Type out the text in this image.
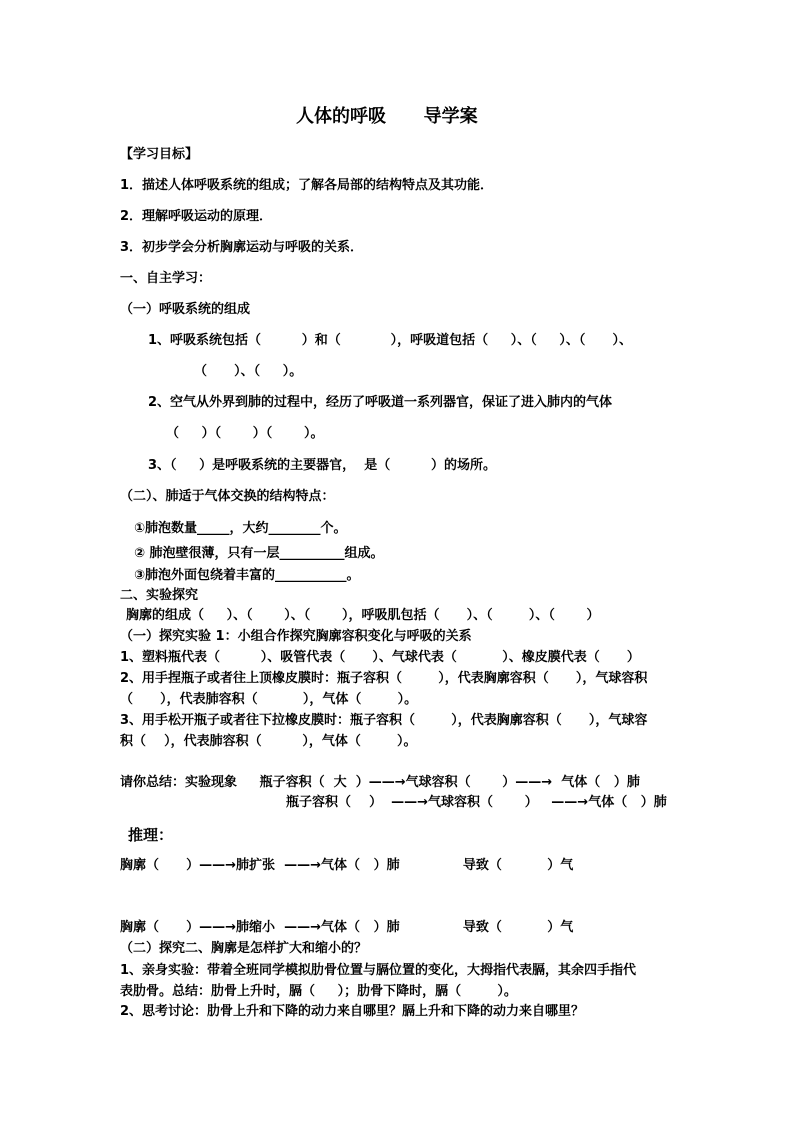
人体的呼吸      导学案
【学习目标】
1．描述人体呼吸系统的组成；了解各局部的结构特点及其功能．
2．理解呼吸运动的原理．
3．初步学会分析胸廓运动与呼吸的关系．
一、自主学习：
（一）呼吸系统的组成
1、呼吸系统包括（         ）和（           ），呼吸道包括（     ）、（     ）、（      ）、
（      ）、（     ）。
2、空气从外界到肺的过程中，经历了呼吸道一系列器官，保证了进入肺内的气体
（     ）（       ）（       ）。
3、（     ）是呼吸系统的主要器官，  是（         ）的场所。
（二）、肺适于气体交换的结构特点：
①肺泡数量_____，大约________个。
② 肺泡壁很薄，只有一层__________组成。
③肺泡外面包绕着丰富的___________。
二、实验探究
胸廓的组成（     ）、（       ）、（       ），呼吸肌包括（      ）、（        ）、（       ）
（一）探究实验 1：小组合作探究胸廓容积变化与呼吸的关系
1、塑料瓶代表（         ）、吸管代表（      ）、气球代表（          ）、橡皮膜代表（      ）
2、用手捏瓶子或者往上顶橡皮膜时：瓶子容积（        ），代表胸廓容积（      ），气球容积
（      ），代表肺容积（          ），气体（        ）。
3、用手松开瓶子或者往下拉橡皮膜时：瓶子容积（        ），代表胸廓容积（      ），气球容
积（    ），代表肺容积（         ），气体（        ）。
请你总结：实验现象     瓶子容积（  大  ）——→气球容积（       ）——→  气体（   ）肺
瓶子容积（    ）  ——→气球容积（       ）   ——→气体（   ）肺
推理：
胸廓（      ）——→肺扩张  ——→气体（   ）肺              导致（          ）气
胸廓（      ）——→肺缩小  ——→气体（   ）肺              导致（          ）气
（二）探究二、胸廓是怎样扩大和缩小的？
1、亲身实验：带着全班同学模拟肋骨位置与膈位置的变化，大拇指代表膈，其余四手指代
表肋骨。总结：肋骨上升时，膈（     ）；肋骨下降时，膈（        ）。
2、思考讨论：肋骨上升和下降的动力来自哪里？膈上升和下降的动力来自哪里？
